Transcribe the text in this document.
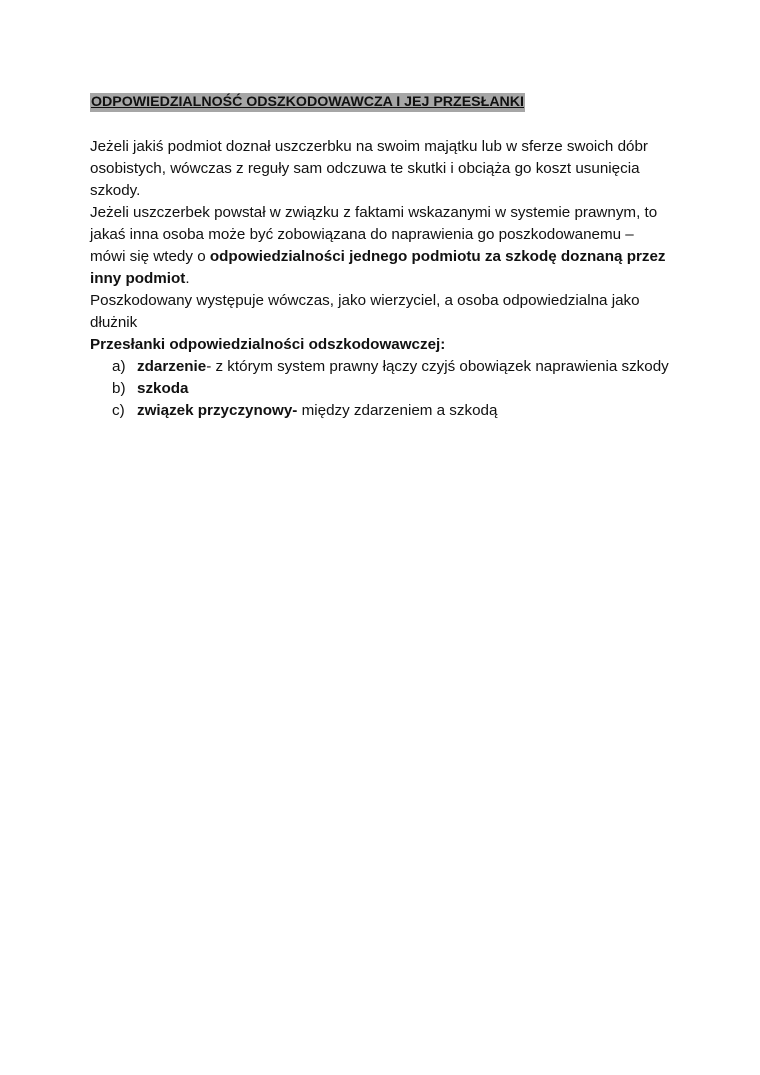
ODPOWIEDZIALNOŚĆ ODSZKODOWAWCZA I JEJ PRZESŁANKI

Jeżeli jakiś podmiot doznał uszczerbku na swoim majątku lub w sferze swoich dóbr osobistych, wówczas z reguły sam odczuwa te skutki i obciąża go koszt usunięcia szkody.

Jeżeli uszczerbek powstał w związku z faktami wskazanymi w systemie prawnym, to jakaś inna osoba może być zobowiązana do naprawienia go poszkodowanemu – mówi się wtedy o odpowiedzialności jednego podmiotu za szkodę doznaną przez inny podmiot.

Poszkodowany występuje wówczas, jako wierzyciel, a osoba odpowiedzialna jako dłużnik

Przesłanki odpowiedzialności odszkodowawczej:

a) zdarzenie- z którym system prawny łączy czyjś obowiązek naprawienia szkody
b) szkoda
c) związek przyczynowy- między zdarzeniem a szkodą
